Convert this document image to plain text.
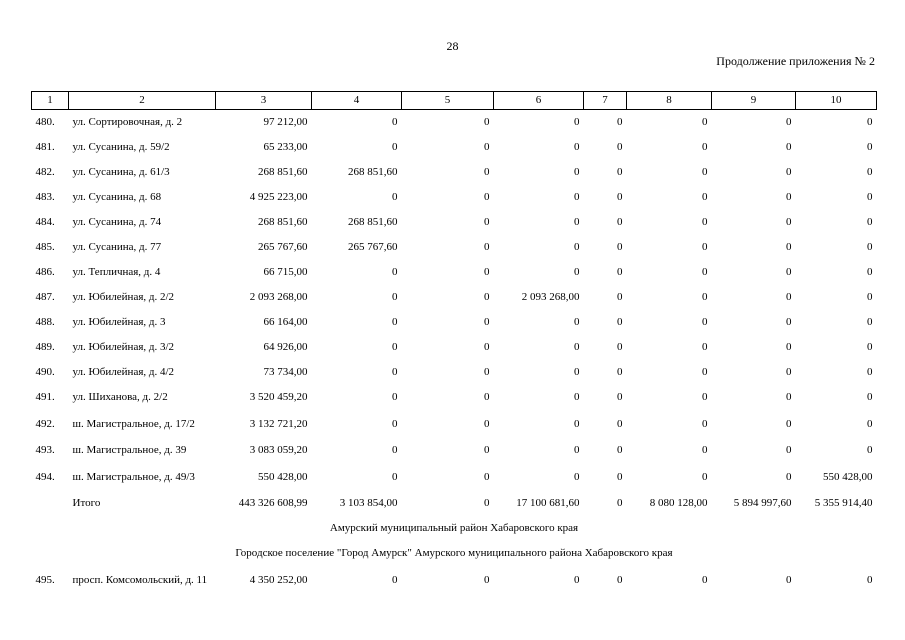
28
Продолжение приложения № 2
1	2	3	4	5	6	7	8	9	10
480.	ул. Сортировочная, д. 2	97 212,00	0	0	0	0	0	0	0
481.	ул. Сусанина, д. 59/2	65 233,00	0	0	0	0	0	0	0
482.	ул. Сусанина, д. 61/3	268 851,60	268 851,60	0	0	0	0	0	0
483.	ул. Сусанина, д. 68	4 925 223,00	0	0	0	0	0	0	0
484.	ул. Сусанина, д. 74	268 851,60	268 851,60	0	0	0	0	0	0
485.	ул. Сусанина, д. 77	265 767,60	265 767,60	0	0	0	0	0	0
486.	ул. Тепличная, д. 4	66 715,00	0	0	0	0	0	0	0
487.	ул. Юбилейная, д. 2/2	2 093 268,00	0	0	2 093 268,00	0	0	0	0
488.	ул. Юбилейная, д. 3	66 164,00	0	0	0	0	0	0	0
489.	ул. Юбилейная, д. 3/2	64 926,00	0	0	0	0	0	0	0
490.	ул. Юбилейная, д. 4/2	73 734,00	0	0	0	0	0	0	0
491.	ул. Шиханова, д. 2/2	3 520 459,20	0	0	0	0	0	0	0
492.	ш. Магистральное, д. 17/2	3 132 721,20	0	0	0	0	0	0	0
493.	ш. Магистральное, д. 39	3 083 059,20	0	0	0	0	0	0	0
494.	ш. Магистральное, д. 49/3	550 428,00	0	0	0	0	0	0	550 428,00
	Итого	443 326 608,99	3 103 854,00	0	17 100 681,60	0	8 080 128,00	5 894 997,60	5 355 914,40
Амурский муниципальный район Хабаровского края									
Городское поселение "Город Амурск" Амурского муниципального района Хабаровского края									
495.	просп. Комсомольский, д. 11	4 350 252,00	0	0	0	0	0	0	0
